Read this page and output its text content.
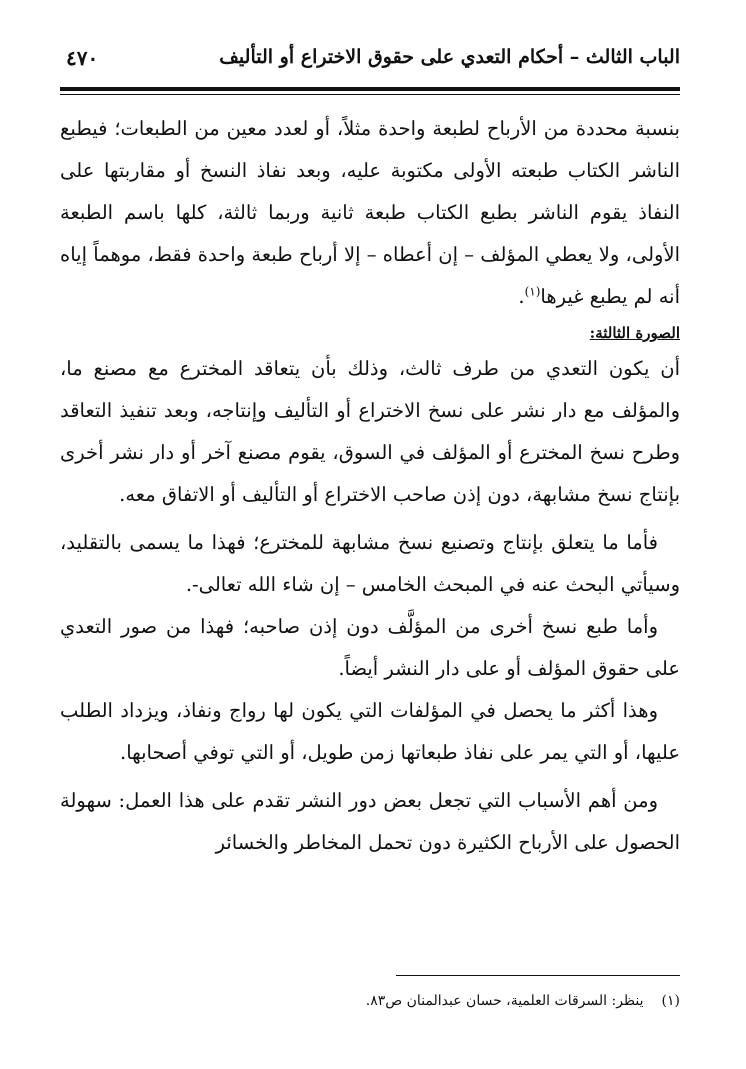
الباب الثالث – أحكام التعدي على حقوق الاختراع أو التأليف
٤٧٠

بنسبة محددة من الأرباح لطبعة واحدة مثلاً، أو لعدد معين من الطبعات؛ فيطبع الناشر الكتاب طبعته الأولى مكتوبة عليه، وبعد نفاذ النسخ أو مقاربتها على النفاذ يقوم الناشر بطبع الكتاب طبعة ثانية وربما ثالثة، كلها باسم الطبعة الأولى، ولا يعطي المؤلف – إن أعطاه – إلا أرباح طبعة واحدة فقط، موهماً إياه أنه لم يطبع غيرها$^{(١)}$.

الصورة الثالثة:

أن يكون التعدي من طرف ثالث، وذلك بأن يتعاقد المخترع مع مصنع ما، والمؤلف مع دار نشر على نسخ الاختراع أو التأليف وإنتاجه، وبعد تنفيذ التعاقد وطرح نسخ المخترع أو المؤلف في السوق، يقوم مصنع آخر أو دار نشر أخرى بإنتاج نسخ مشابهة، دون إذن صاحب الاختراع أو التأليف أو الاتفاق معه.

فأما ما يتعلق بإنتاج وتصنيع نسخ مشابهة للمخترع؛ فهذا ما يسمى بالتقليد، وسيأتي البحث عنه في المبحث الخامس – إن شاء الله تعالى-.

وأما طبع نسخ أخرى من المؤلَّف دون إذن صاحبه؛ فهذا من صور التعدي على حقوق المؤلف أو على دار النشر أيضاً.

وهذا أكثر ما يحصل في المؤلفات التي يكون لها رواج ونفاذ، ويزداد الطلب عليها، أو التي يمر على نفاذ طبعاتها زمن طويل، أو التي توفي أصحابها.

ومن أهم الأسباب التي تجعل بعض دور النشر تقدم على هذا العمل: سهولة الحصول على الأرباح الكثيرة دون تحمل المخاطر والخسائر

(١)ينظر: السرقات العلمية، حسان عبدالمنان ص٨٣.
